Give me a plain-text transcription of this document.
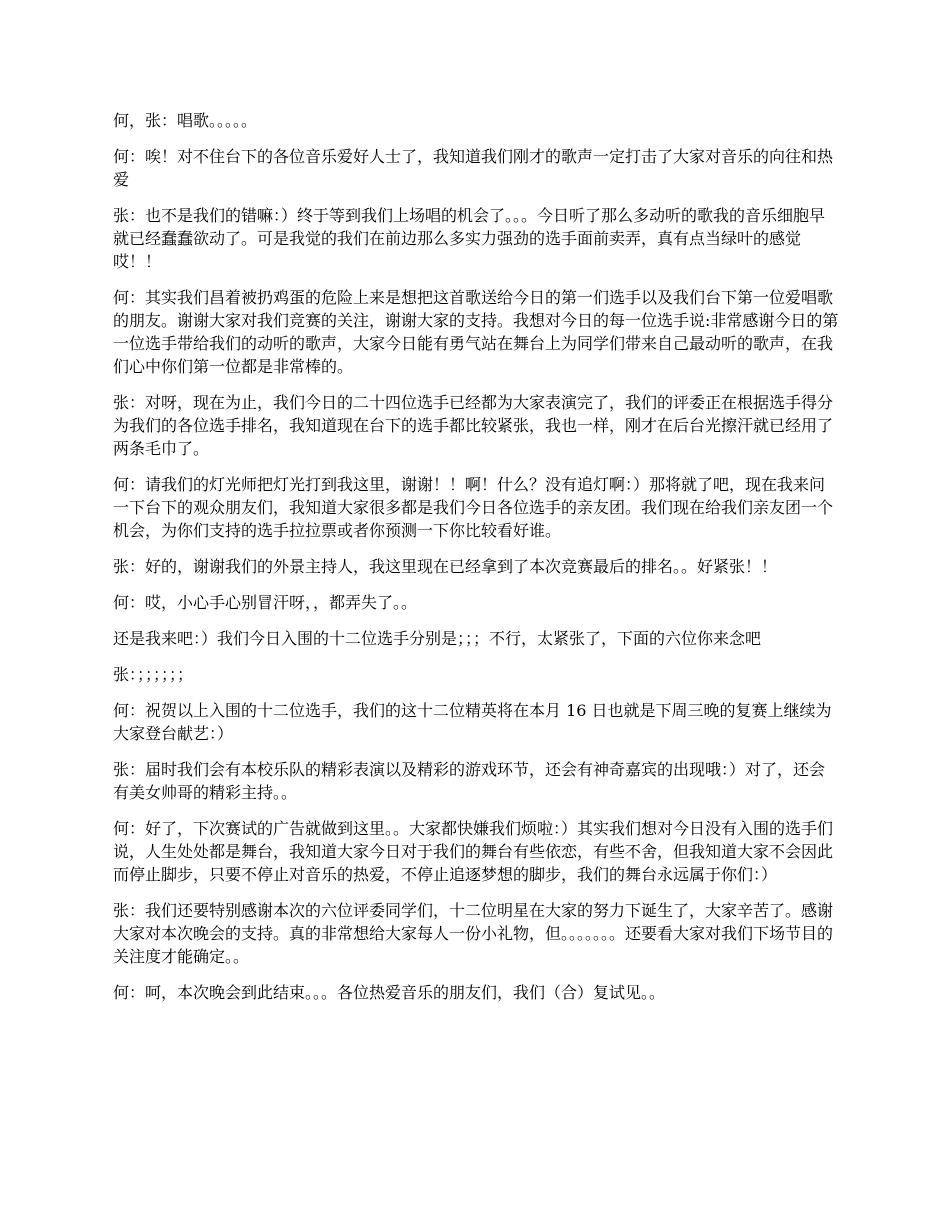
何，张：唱歌。。。。。

何：唉！对不住台下的各位音乐爱好人士了，我知道我们刚才的歌声一定打击了大家对音乐的向往和热爱

张：也不是我们的错嘛：）终于等到我们上场唱的机会了。。。今日听了那么多动听的歌我的音乐细胞早就已经蠢蠢欲动了。可是我觉的我们在前边那么多实力强劲的选手面前卖弄，真有点当绿叶的感觉哎！！

何：其实我们昌着被扔鸡蛋的危险上来是想把这首歌送给今日的第一们选手以及我们台下第一位爱唱歌的朋友。谢谢大家对我们竞赛的关注，谢谢大家的支持。我想对今日的每一位选手说:非常感谢今日的第一位选手带给我们的动听的歌声，大家今日能有勇气站在舞台上为同学们带来自己最动听的歌声，在我们心中你们第一位都是非常棒的。

张：对呀，现在为止，我们今日的二十四位选手已经都为大家表演完了，我们的评委正在根据选手得分为我们的各位选手排名，我知道现在台下的选手都比较紧张，我也一样，刚才在后台光擦汗就已经用了两条毛巾了。

何：请我们的灯光师把灯光打到我这里，谢谢！！啊！什么？没有追灯啊：）那将就了吧，现在我来问一下台下的观众朋友们，我知道大家很多都是我们今日各位选手的亲友团。我们现在给我们亲友团一个机会，为你们支持的选手拉拉票或者你预测一下你比较看好谁。

张：好的，谢谢我们的外景主持人，我这里现在已经拿到了本次竞赛最后的排名。。好紧张！！

何：哎，小心手心别冒汗呀，，都弄失了。。

还是我来吧：）我们今日入围的十二位选手分别是；；；不行，太紧张了，下面的六位你来念吧

张：；；；；；；

何：祝贺以上入围的十二位选手，我们的这十二位精英将在本月 16 日也就是下周三晚的复赛上继续为大家登台献艺：）

张：届时我们会有本校乐队的精彩表演以及精彩的游戏环节，还会有神奇嘉宾的出现哦：）对了，还会有美女帅哥的精彩主持。。

何：好了，下次赛试的广告就做到这里。。大家都快嫌我们烦啦：）其实我们想对今日没有入围的选手们说，人生处处都是舞台，我知道大家今日对于我们的舞台有些依恋，有些不舍，但我知道大家不会因此而停止脚步，只要不停止对音乐的热爱，不停止追逐梦想的脚步，我们的舞台永远属于你们：）

张：我们还要特别感谢本次的六位评委同学们，十二位明星在大家的努力下诞生了，大家辛苦了。感谢大家对本次晚会的支持。真的非常想给大家每人一份小礼物，但。。。。。。。还要看大家对我们下场节目的关注度才能确定。。

何：呵，本次晚会到此结束。。。各位热爱音乐的朋友们，我们（合）复试见。。
